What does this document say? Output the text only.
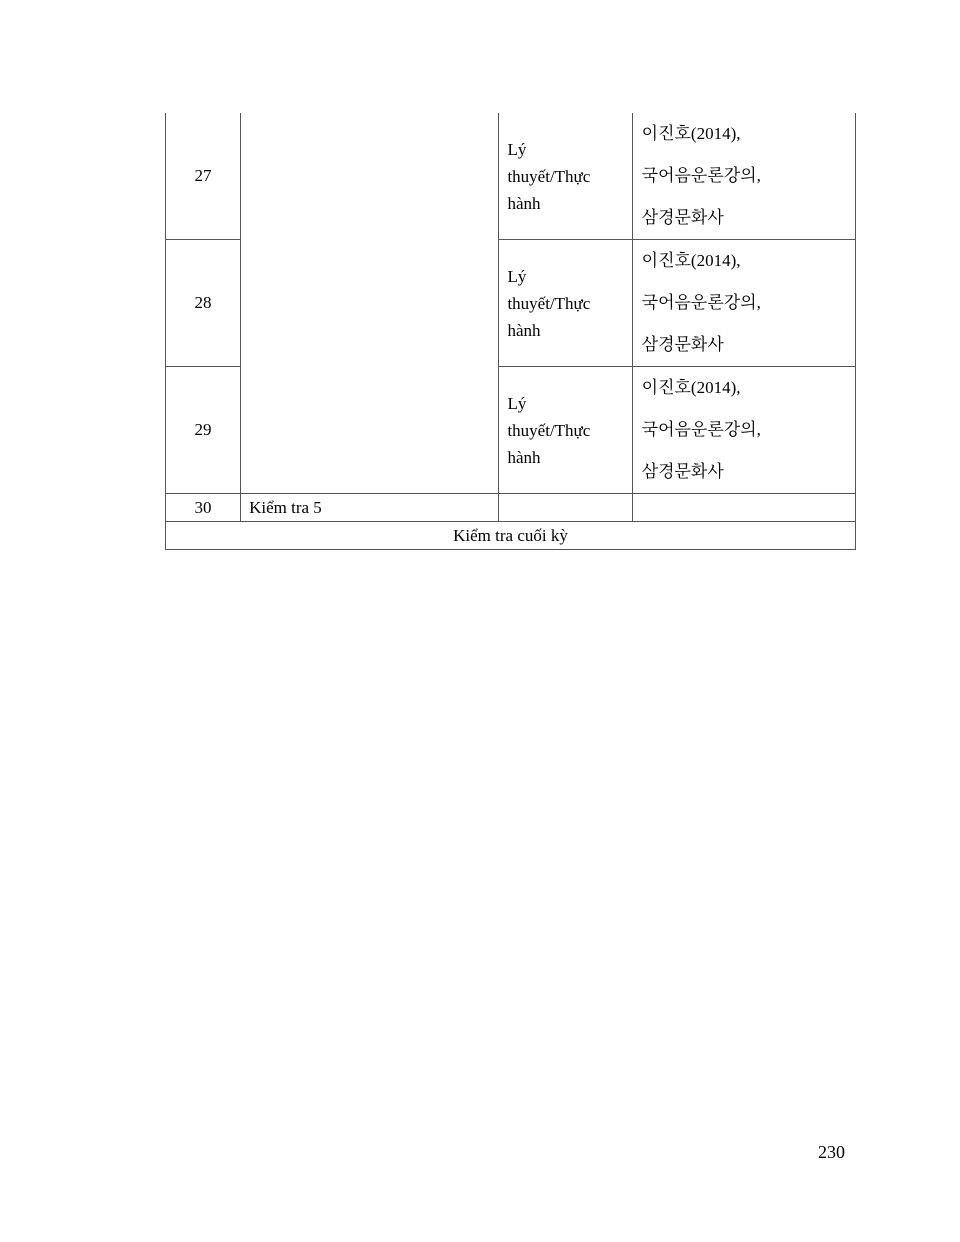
27		Lý
thuyết/Thực
hành	이진호(2014),
국어음운론강의,
삼경문화사
28		Lý
thuyết/Thực
hành	이진호(2014),
국어음운론강의,
삼경문화사
29		Lý
thuyết/Thực
hành	이진호(2014),
국어음운론강의,
삼경문화사
30	Kiểm tra 5		
Kiểm tra cuối kỳ			
230
